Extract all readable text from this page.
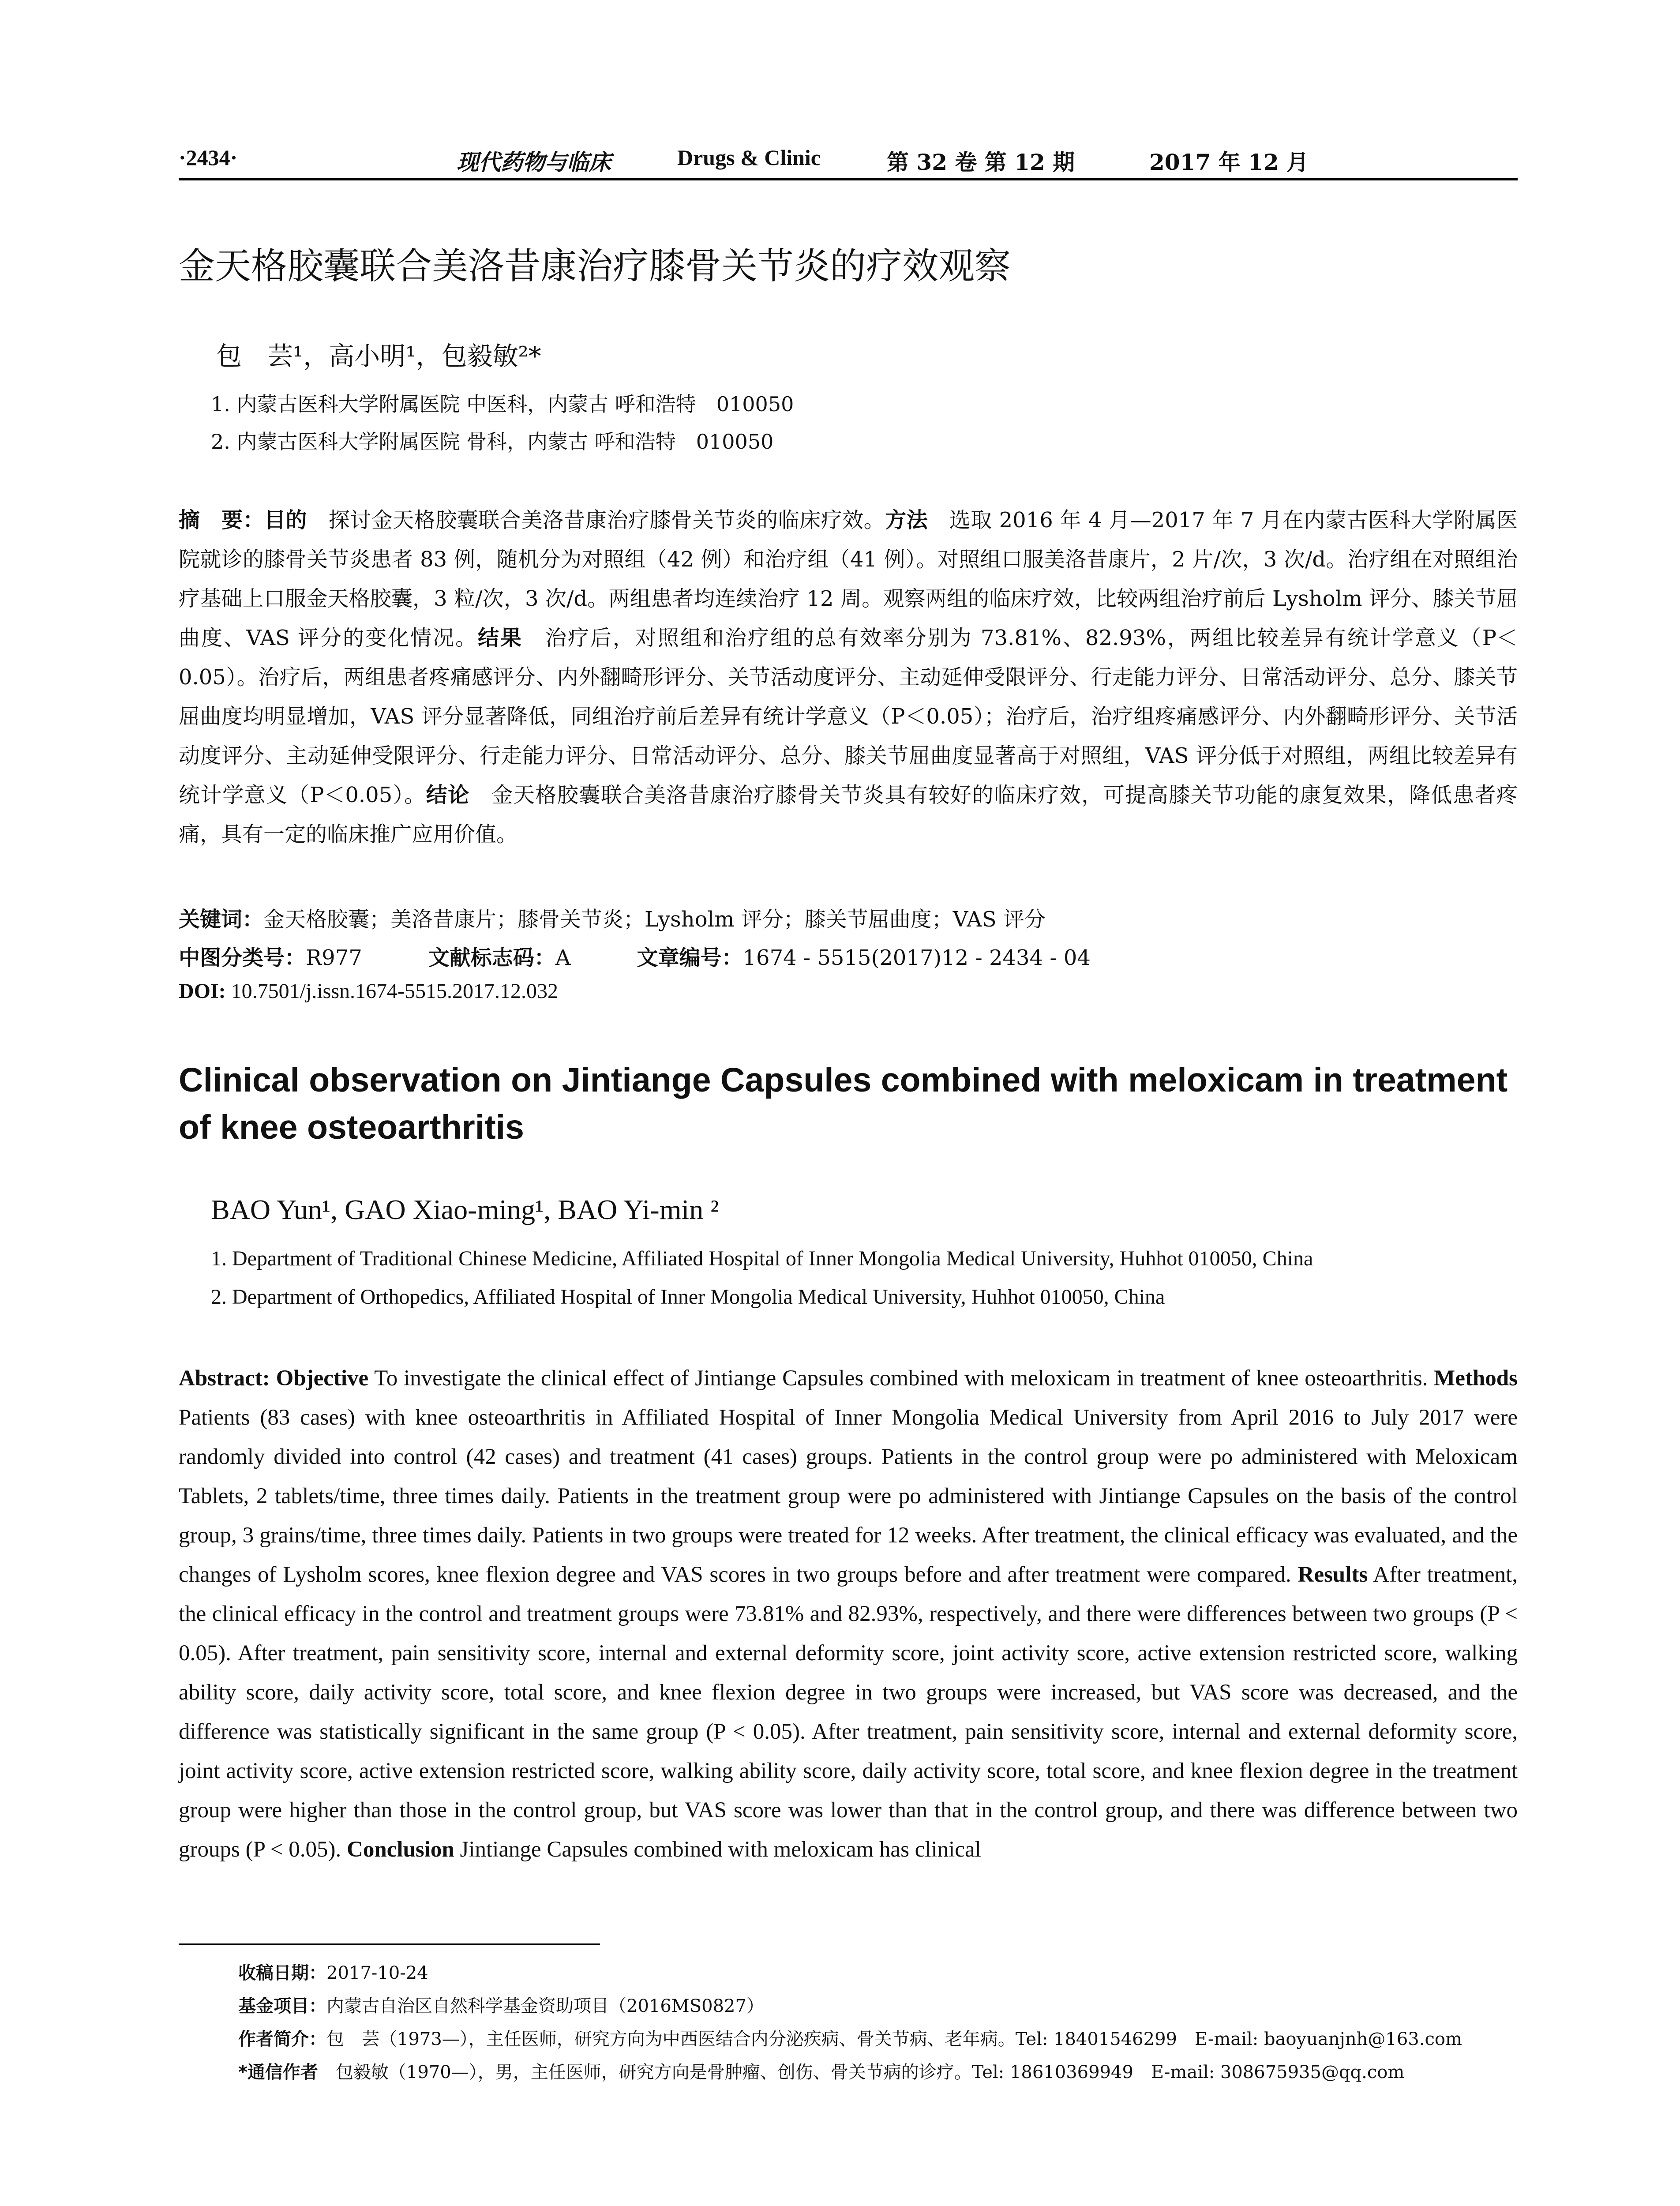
·2434·	现代药物与临床	Drugs & Clinic	第 32 卷 第 12 期	2017 年 12 月
金天格胶囊联合美洛昔康治疗膝骨关节炎的疗效观察
包　芸¹，高小明¹，包毅敏²*
1. 内蒙古医科大学附属医院 中医科，内蒙古 呼和浩特　010050
2. 内蒙古医科大学附属医院 骨科，内蒙古 呼和浩特　010050
摘　要：目的　探讨金天格胶囊联合美洛昔康治疗膝骨关节炎的临床疗效。方法　选取 2016 年 4 月—2017 年 7 月在内蒙古医科大学附属医院就诊的膝骨关节炎患者 83 例，随机分为对照组（42 例）和治疗组（41 例）。对照组口服美洛昔康片，2 片/次，3 次/d。治疗组在对照组治疗基础上口服金天格胶囊，3 粒/次，3 次/d。两组患者均连续治疗 12 周。观察两组的临床疗效，比较两组治疗前后 Lysholm 评分、膝关节屈曲度、VAS 评分的变化情况。结果　治疗后，对照组和治疗组的总有效率分别为 73.81%、82.93%，两组比较差异有统计学意义（P＜0.05）。治疗后，两组患者疼痛感评分、内外翻畸形评分、关节活动度评分、主动延伸受限评分、行走能力评分、日常活动评分、总分、膝关节屈曲度均明显增加，VAS 评分显著降低，同组治疗前后差异有统计学意义（P＜0.05）；治疗后，治疗组疼痛感评分、内外翻畸形评分、关节活动度评分、主动延伸受限评分、行走能力评分、日常活动评分、总分、膝关节屈曲度显著高于对照组，VAS 评分低于对照组，两组比较差异有统计学意义（P＜0.05）。结论　金天格胶囊联合美洛昔康治疗膝骨关节炎具有较好的临床疗效，可提高膝关节功能的康复效果，降低患者疼痛，具有一定的临床推广应用价值。
关键词：金天格胶囊；美洛昔康片；膝骨关节炎；Lysholm 评分；膝关节屈曲度；VAS 评分
中图分类号：R977	文献标志码：A	文章编号：1674 - 5515(2017)12 - 2434 - 04
DOI: 10.7501/j.issn.1674-5515.2017.12.032
Clinical observation on Jintiange Capsules combined with meloxicam in treatment of knee osteoarthritis
BAO Yun¹, GAO Xiao-ming¹, BAO Yi-min ²
1. Department of Traditional Chinese Medicine, Affiliated Hospital of Inner Mongolia Medical University, Huhhot 010050, China
2. Department of Orthopedics, Affiliated Hospital of Inner Mongolia Medical University, Huhhot 010050, China
Abstract: Objective To investigate the clinical effect of Jintiange Capsules combined with meloxicam in treatment of knee osteoarthritis. Methods Patients (83 cases) with knee osteoarthritis in Affiliated Hospital of Inner Mongolia Medical University from April 2016 to July 2017 were randomly divided into control (42 cases) and treatment (41 cases) groups. Patients in the control group were po administered with Meloxicam Tablets, 2 tablets/time, three times daily. Patients in the treatment group were po administered with Jintiange Capsules on the basis of the control group, 3 grains/time, three times daily. Patients in two groups were treated for 12 weeks. After treatment, the clinical efficacy was evaluated, and the changes of Lysholm scores, knee flexion degree and VAS scores in two groups before and after treatment were compared. Results After treatment, the clinical efficacy in the control and treatment groups were 73.81% and 82.93%, respectively, and there were differences between two groups (P < 0.05). After treatment, pain sensitivity score, internal and external deformity score, joint activity score, active extension restricted score, walking ability score, daily activity score, total score, and knee flexion degree in two groups were increased, but VAS score was decreased, and the difference was statistically significant in the same group (P < 0.05). After treatment, pain sensitivity score, internal and external deformity score, joint activity score, active extension restricted score, walking ability score, daily activity score, total score, and knee flexion degree in the treatment group were higher than those in the control group, but VAS score was lower than that in the control group, and there was difference between two groups (P < 0.05). Conclusion Jintiange Capsules combined with meloxicam has clinical
收稿日期：2017-10-24
基金项目：内蒙古自治区自然科学基金资助项目（2016MS0827）
作者简介：包　芸（1973—），主任医师，研究方向为中西医结合内分泌疾病、骨关节病、老年病。Tel: 18401546299　E-mail: baoyuanjnh@163.com
*通信作者　包毅敏（1970—），男，主任医师，研究方向是骨肿瘤、创伤、骨关节病的诊疗。Tel: 18610369949　E-mail: 308675935@qq.com
